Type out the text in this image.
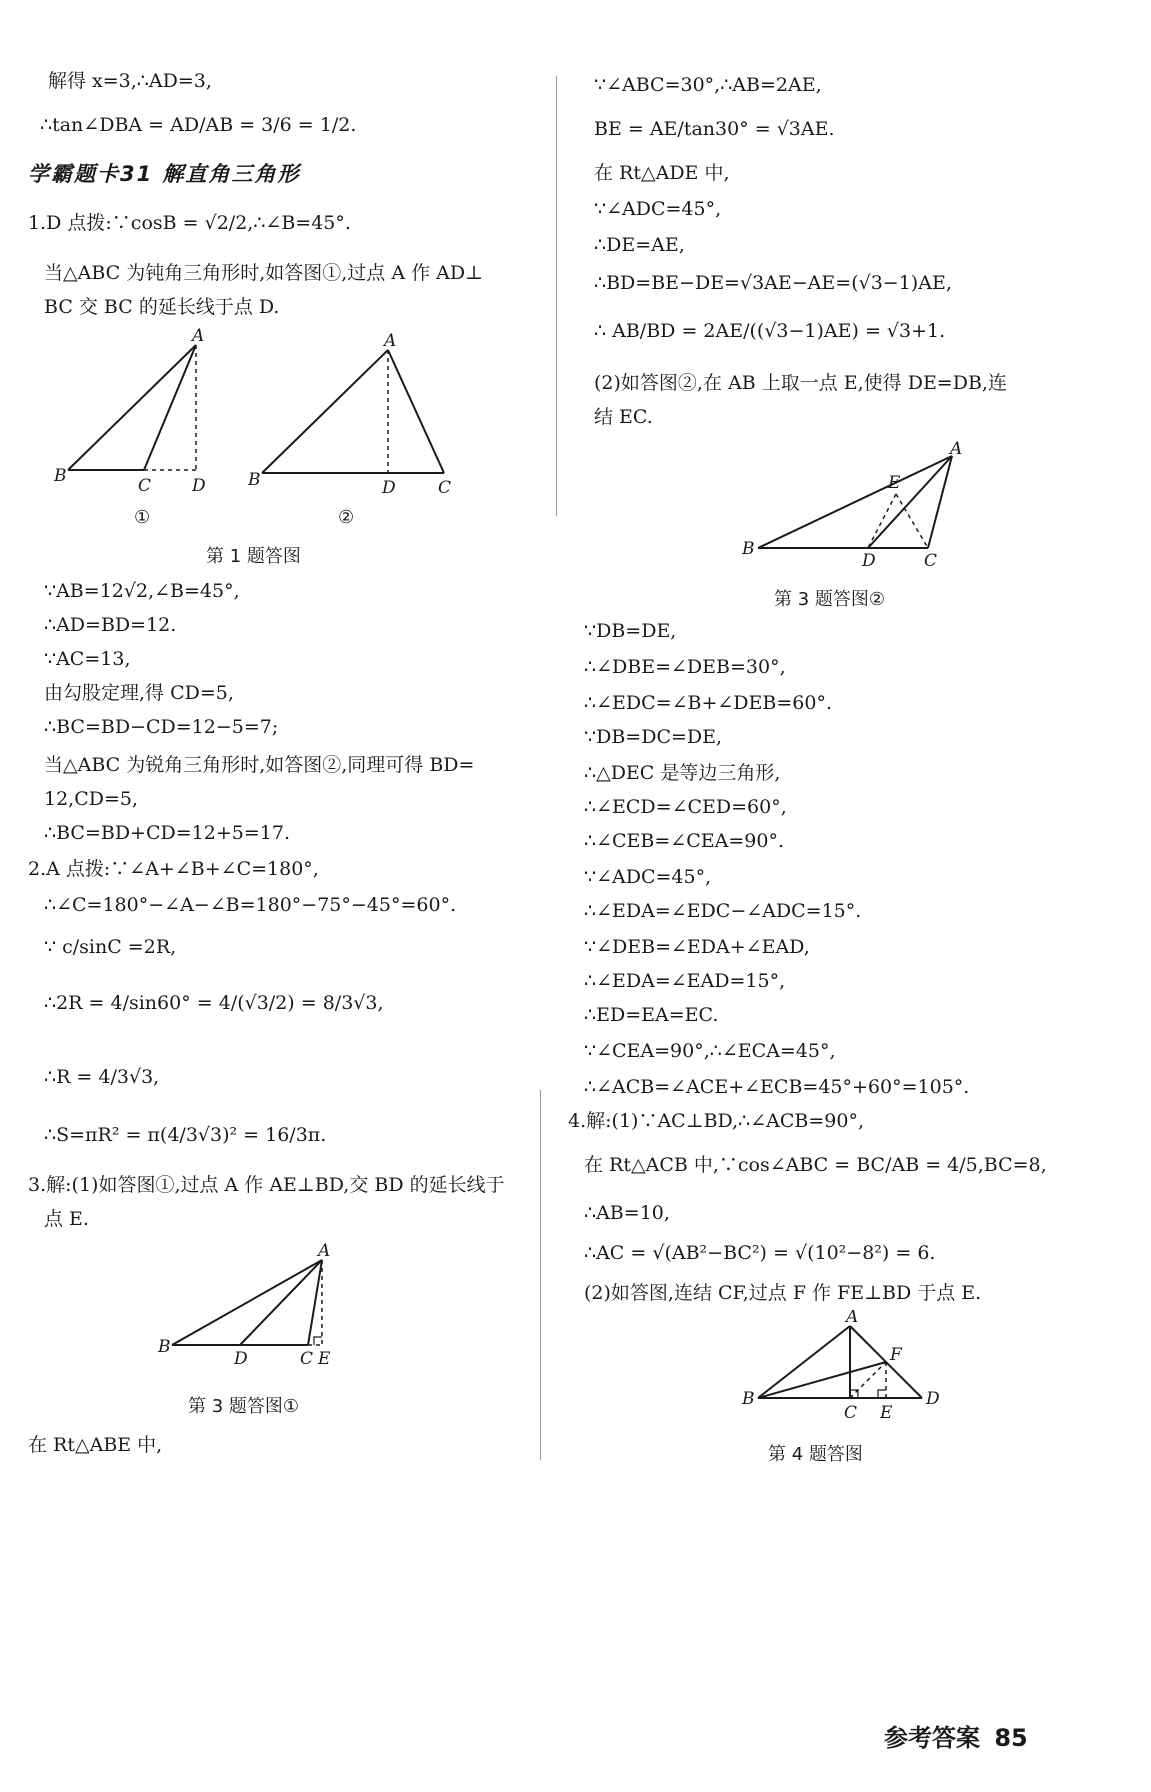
解得 x=3,∴AD=3,
∴tan∠DBA = AD/AB = 3/6 = 1/2.
学霸题卡31 解直角三角形
1.D 点拨:∵cosB = √2/2,∴∠B=45°.
当△ABC 为钝角三角形时,如答图①,过点 A 作 AD⊥
BC 交 BC 的延长线于点 D.
A
B	C D
A
B	D C
①	②
第 1 题答图
∵AB=12√2,∠B=45°,
∴AD=BD=12.
∵AC=13,
由勾股定理,得 CD=5,
∴BC=BD−CD=12−5=7;
当△ABC 为锐角三角形时,如答图②,同理可得 BD=
12,CD=5,
∴BC=BD+CD=12+5=17.
2.A 点拨:∵∠A+∠B+∠C=180°,
∴∠C=180°−∠A−∠B=180°−75°−45°=60°.
∵ c/sinC =2R,
∴2R = 4/sin60° = 4/(√3/2) = 8/3√3,
∴R = 4/3√3,
∴S=πR² = π(4/3√3)² = 16/3π.
3.解:(1)如答图①,过点 A 作 AE⊥BD,交 BD 的延长线于
点 E.
A
B
D	C E
第 3 题答图①
在 Rt△ABE 中,
∵∠ABC=30°,∴AB=2AE,
BE = AE/tan30° = √3AE.
在 Rt△ADE 中,
∵∠ADC=45°,
∴DE=AE,
∴BD=BE−DE=√3AE−AE=(√3−1)AE,
∴ AB/BD = 2AE/((√3−1)AE) = √3+1.
(2)如答图②,在 AB 上取一点 E,使得 DE=DB,连
结 EC.
A
E
B
D	C
第 3 题答图②
∵DB=DE,
∴∠DBE=∠DEB=30°,
∴∠EDC=∠B+∠DEB=60°.
∵DB=DC=DE,
∴△DEC 是等边三角形,
∴∠ECD=∠CED=60°,
∴∠CEB=∠CEA=90°.
∵∠ADC=45°,
∴∠EDA=∠EDC−∠ADC=15°.
∵∠DEB=∠EDA+∠EAD,
∴∠EDA=∠EAD=15°,
∴ED=EA=EC.
∵∠CEA=90°,∴∠ECA=45°,
∴∠ACB=∠ACE+∠ECB=45°+60°=105°.
4.解:(1)∵AC⊥BD,∴∠ACB=90°,
在 Rt△ACB 中,∵cos∠ABC = BC/AB = 4/5,BC=8,
∴AB=10,
∴AC = √(AB²−BC²) = √(10²−8²) = 6.
(2)如答图,连结 CF,过点 F 作 FE⊥BD 于点 E.
A
F
B
C E
D
第 4 题答图
参考答案 85
